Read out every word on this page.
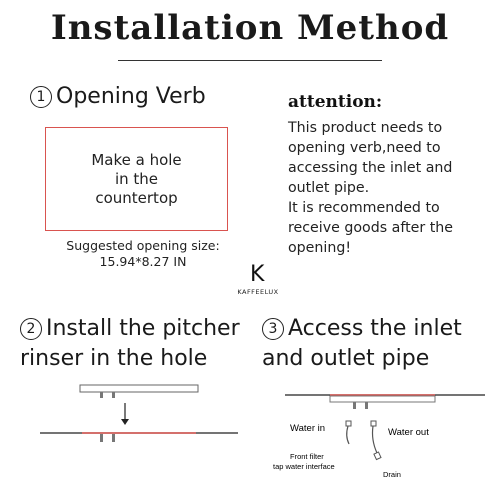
Installation Method
1 Opening Verb
Make a hole
in the
countertop
Suggested opening size:
15.94*8.27 IN
attention:

This product needs to

opening verb,need to

accessing the inlet and

outlet pipe.

It is recommended to

receive goods after the

opening!

K
KAFFEELUX
2 Install the pitcher
rinser in the hole
3 Access the inlet
and outlet pipe
Water in	Water out
Front filter
tap water interface
Drain
